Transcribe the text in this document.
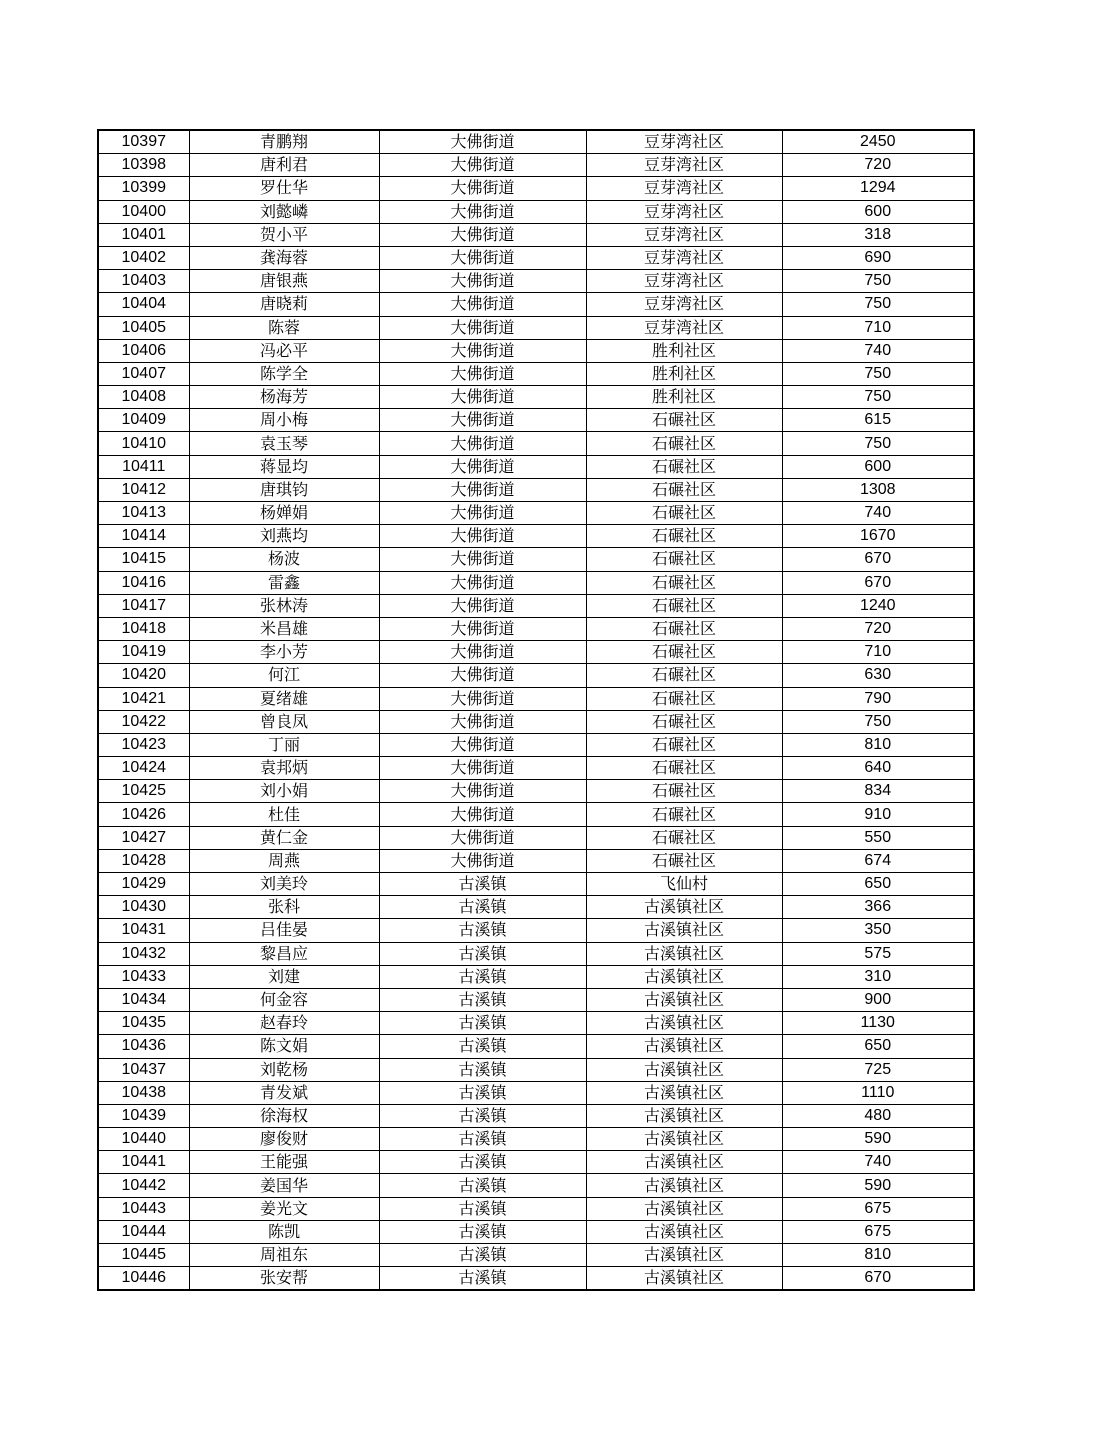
10397	青鹏翔	大佛街道	豆芽湾社区	2450
10398	唐利君	大佛街道	豆芽湾社区	720
10399	罗仕华	大佛街道	豆芽湾社区	1294
10400	刘懿嶙	大佛街道	豆芽湾社区	600
10401	贺小平	大佛街道	豆芽湾社区	318
10402	龚海蓉	大佛街道	豆芽湾社区	690
10403	唐银燕	大佛街道	豆芽湾社区	750
10404	唐晓莉	大佛街道	豆芽湾社区	750
10405	陈蓉	大佛街道	豆芽湾社区	710
10406	冯必平	大佛街道	胜利社区	740
10407	陈学全	大佛街道	胜利社区	750
10408	杨海芳	大佛街道	胜利社区	750
10409	周小梅	大佛街道	石碾社区	615
10410	袁玉琴	大佛街道	石碾社区	750
10411	蒋显均	大佛街道	石碾社区	600
10412	唐琪钧	大佛街道	石碾社区	1308
10413	杨婵娟	大佛街道	石碾社区	740
10414	刘燕均	大佛街道	石碾社区	1670
10415	杨波	大佛街道	石碾社区	670
10416	雷鑫	大佛街道	石碾社区	670
10417	张林涛	大佛街道	石碾社区	1240
10418	米昌雄	大佛街道	石碾社区	720
10419	李小芳	大佛街道	石碾社区	710
10420	何江	大佛街道	石碾社区	630
10421	夏绪雄	大佛街道	石碾社区	790
10422	曾良凤	大佛街道	石碾社区	750
10423	丁丽	大佛街道	石碾社区	810
10424	袁邦炳	大佛街道	石碾社区	640
10425	刘小娟	大佛街道	石碾社区	834
10426	杜佳	大佛街道	石碾社区	910
10427	黄仁金	大佛街道	石碾社区	550
10428	周燕	大佛街道	石碾社区	674
10429	刘美玲	古溪镇	飞仙村	650
10430	张科	古溪镇	古溪镇社区	366
10431	吕佳晏	古溪镇	古溪镇社区	350
10432	黎昌应	古溪镇	古溪镇社区	575
10433	刘建	古溪镇	古溪镇社区	310
10434	何金容	古溪镇	古溪镇社区	900
10435	赵春玲	古溪镇	古溪镇社区	1130
10436	陈文娟	古溪镇	古溪镇社区	650
10437	刘乾杨	古溪镇	古溪镇社区	725
10438	青发斌	古溪镇	古溪镇社区	1110
10439	徐海权	古溪镇	古溪镇社区	480
10440	廖俊财	古溪镇	古溪镇社区	590
10441	王能强	古溪镇	古溪镇社区	740
10442	姜国华	古溪镇	古溪镇社区	590
10443	姜光文	古溪镇	古溪镇社区	675
10444	陈凯	古溪镇	古溪镇社区	675
10445	周祖东	古溪镇	古溪镇社区	810
10446	张安帮	古溪镇	古溪镇社区	670
